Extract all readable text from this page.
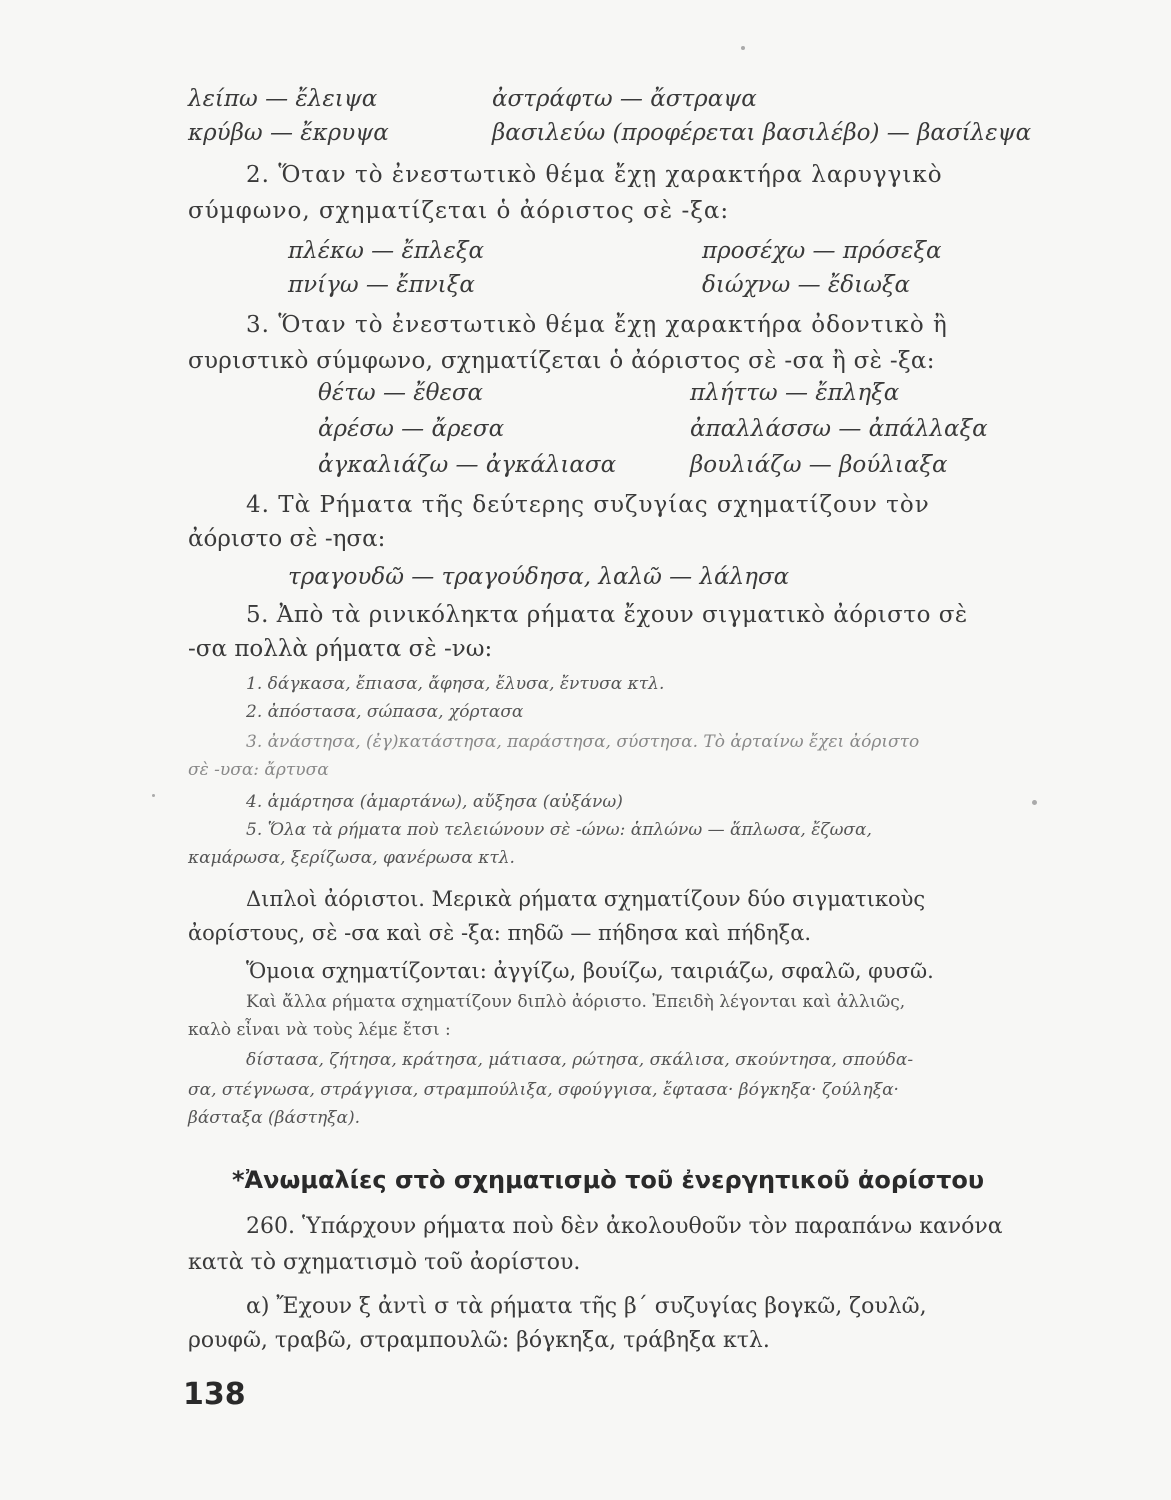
λείπω — ἔλειψα	ἀστράφτω — ἄστραψα
κρύβω — ἔκρυψα	βασιλεύω (προφέρεται βασιλέβο) — βασίλεψα
2. Ὅταν τὸ ἐνεστωτικὸ θέμα ἔχῃ χαρακτήρα λαρυγγικὸ
σύμφωνο, σχηματίζεται ὁ ἀόριστος σὲ -ξα:
πλέκω — ἔπλεξα	προσέχω — πρόσεξα
πνίγω — ἔπνιξα	διώχνω — ἔδιωξα
3. Ὅταν τὸ ἐνεστωτικὸ θέμα ἔχῃ χαρακτήρα ὀδοντικὸ ἢ
συριστικὸ σύμφωνο, σχηματίζεται ὁ ἀόριστος σὲ -σα ἢ σὲ -ξα:
θέτω — ἔθεσα	πλήττω — ἔπληξα
ἀρέσω — ἄρεσα	ἀπαλλάσσω — ἀπάλλαξα
ἀγκαλιάζω — ἀγκάλιασα	βουλιάζω — βούλιαξα
4. Τὰ Ρήματα τῆς δεύτερης συζυγίας σχηματίζουν τὸν
ἀόριστο σὲ -ησα:
τραγουδῶ — τραγούδησα, λαλῶ — λάλησα
5. Ἀπὸ τὰ ρινικόληκτα ρήματα ἔχουν σιγματικὸ ἀόριστο σὲ
-σα πολλὰ ρήματα σὲ -νω:
1. δάγκασα, ἔπιασα, ἄφησα, ἔλυσα, ἔντυσα κτλ.
2. ἀπόστασα, σώπασα, χόρτασα
3. ἀνάστησα, (ἐγ)κατάστησα, παράστησα, σύστησα. Τὸ ἀρταίνω ἔχει ἀόριστο
σὲ -υσα: ἄρτυσα
4. ἁμάρτησα (ἁμαρτάνω), αὔξησα (αὐξάνω)
5. Ὅλα τὰ ρήματα ποὺ τελειώνουν σὲ -ώνω: ἁπλώνω — ἅπλωσα, ἔζωσα,
καμάρωσα, ξερίζωσα, φανέρωσα κτλ.
Διπλοὶ ἀόριστοι. Μερικὰ ρήματα σχηματίζουν δύο σιγματικοὺς
ἀορίστους, σὲ -σα καὶ σὲ -ξα: πηδῶ — πήδησα καὶ πήδηξα.
Ὅμοια σχηματίζονται: ἀγγίζω, βουίζω, ταιριάζω, σφαλῶ, φυσῶ.
Καὶ ἄλλα ρήματα σχηματίζουν διπλὸ ἀόριστο. Ἐπειδὴ λέγονται καὶ ἀλλιῶς,
καλὸ εἶναι νὰ τοὺς λέμε ἔτσι :
δίστασα, ζήτησα, κράτησα, μάτιασα, ρώτησα, σκάλισα, σκούντησα, σπούδα-
σα, στέγνωσα, στράγγισα, στραμπούλιξα, σφούγγισα, ἔφτασα· βόγκηξα· ζούληξα·
βάσταξα (βάστηξα).
*Ἀνωμαλίες στὸ σχηματισμὸ τοῦ ἐνεργητικοῦ ἀορίστου
260. Ὑπάρχουν ρήματα ποὺ δὲν ἀκολουθοῦν τὸν παραπάνω κανόνα
κατὰ τὸ σχηματισμὸ τοῦ ἀορίστου.
α) Ἔχουν ξ ἀντὶ σ τὰ ρήματα τῆς β΄ συζυγίας βογκῶ, ζουλῶ,
ρουφῶ, τραβῶ, στραμπουλῶ: βόγκηξα, τράβηξα κτλ.
138
